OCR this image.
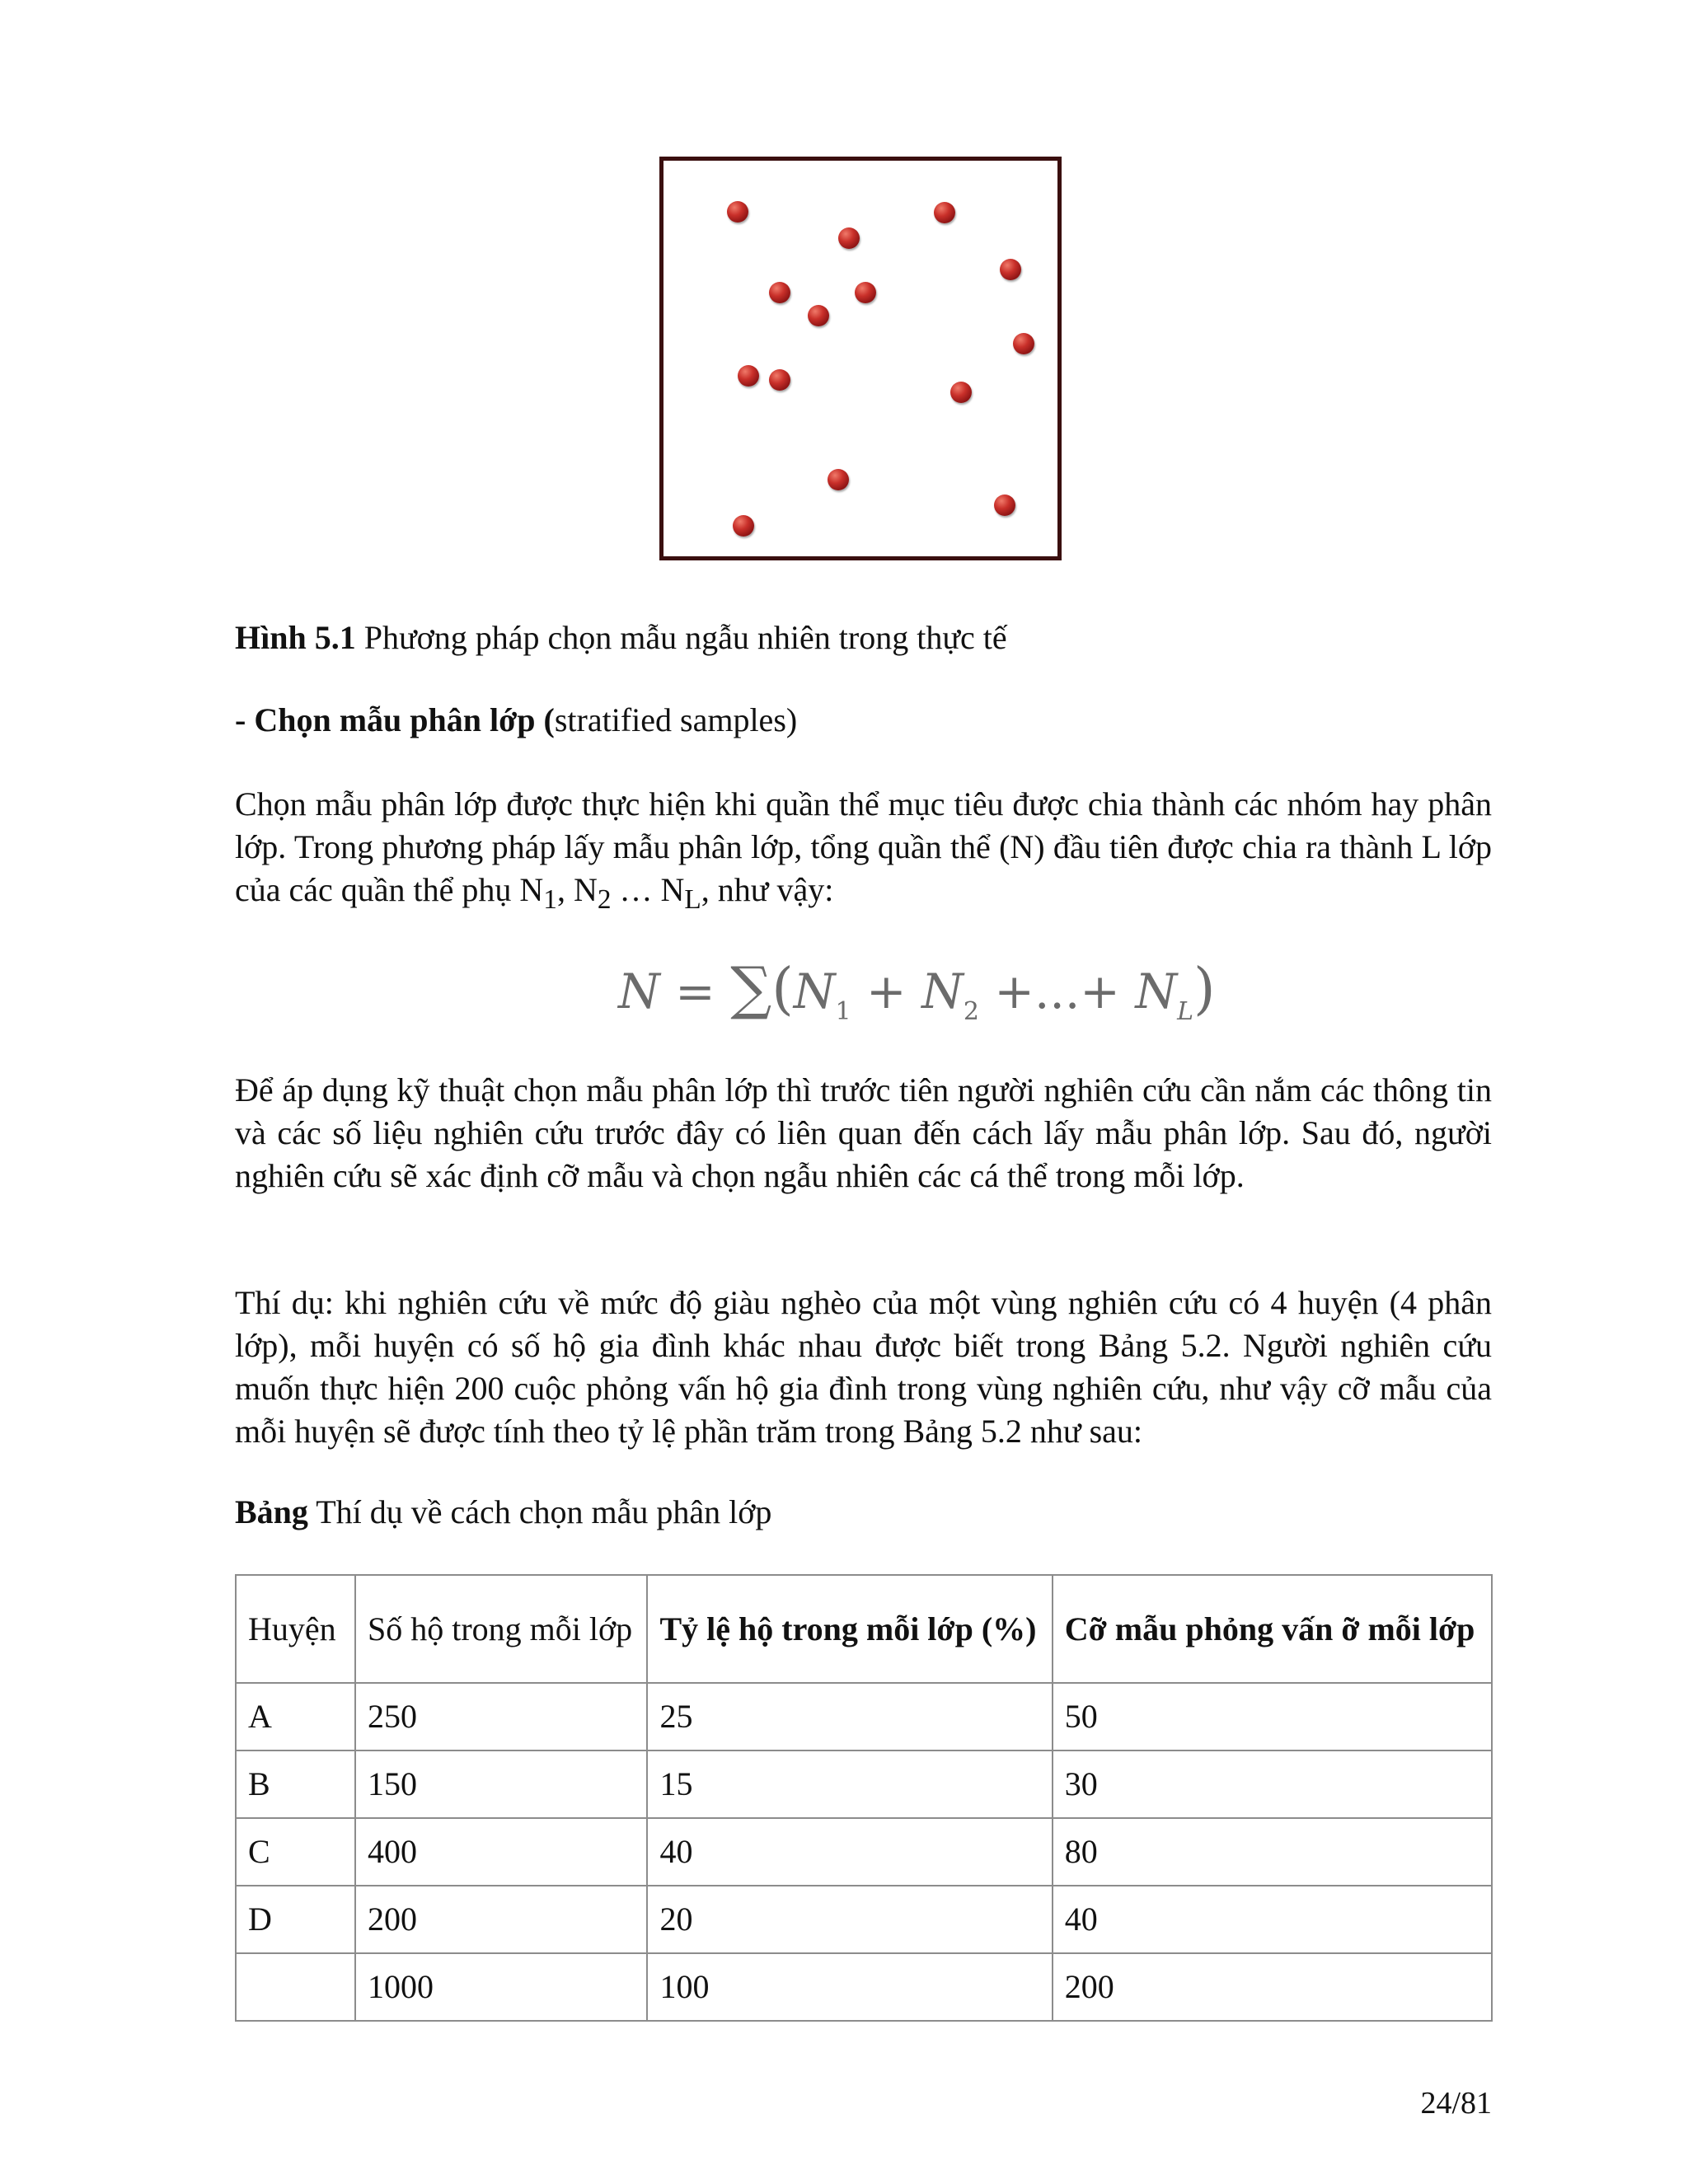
Hình 5.1 Phương pháp chọn mẫu ngẫu nhiên trong thực tế

- Chọn mẫu phân lớp (stratified samples)

Chọn mẫu phân lớp được thực hiện khi quần thể mục tiêu được chia thành các nhóm hay phân lớp. Trong phương pháp lấy mẫu phân lớp, tổng quần thể (N) đầu tiên được chia ra thành L lớp của các quần thể phụ $N_1$, $N_2$ … $N_L$, như vậy:

$N = \sum(N_1 + N_2$ +...+ $N_L$)

Để áp dụng kỹ thuật chọn mẫu phân lớp thì trước tiên người nghiên cứu cần nắm các thông tin và các số liệu nghiên cứu trước đây có liên quan đến cách lấy mẫu phân lớp. Sau đó, người nghiên cứu sẽ xác định cỡ mẫu và chọn ngẫu nhiên các cá thể trong mỗi lớp.

Thí dụ: khi nghiên cứu về mức độ giàu nghèo của một vùng nghiên cứu có 4 huyện (4 phân lớp), mỗi huyện có số hộ gia đình khác nhau được biết trong Bảng 5.2. Người nghiên cứu muốn thực hiện 200 cuộc phỏng vấn hộ gia đình trong vùng nghiên cứu, như vậy cỡ mẫu của mỗi huyện sẽ được tính theo tỷ lệ phần trăm trong Bảng 5.2 như sau:

Bảng Thí dụ về cách chọn mẫu phân lớp

Huyện	Số hộ trong mỗi lớp	Tỷ lệ hộ trong mỗi lớp (%)	Cỡ mẫu phỏng vấn ỡ mỗi lớp
A	250	25	50
B	150	15	30
C	400	40	80
D	200	20	40
	1000	100	200
24/81
